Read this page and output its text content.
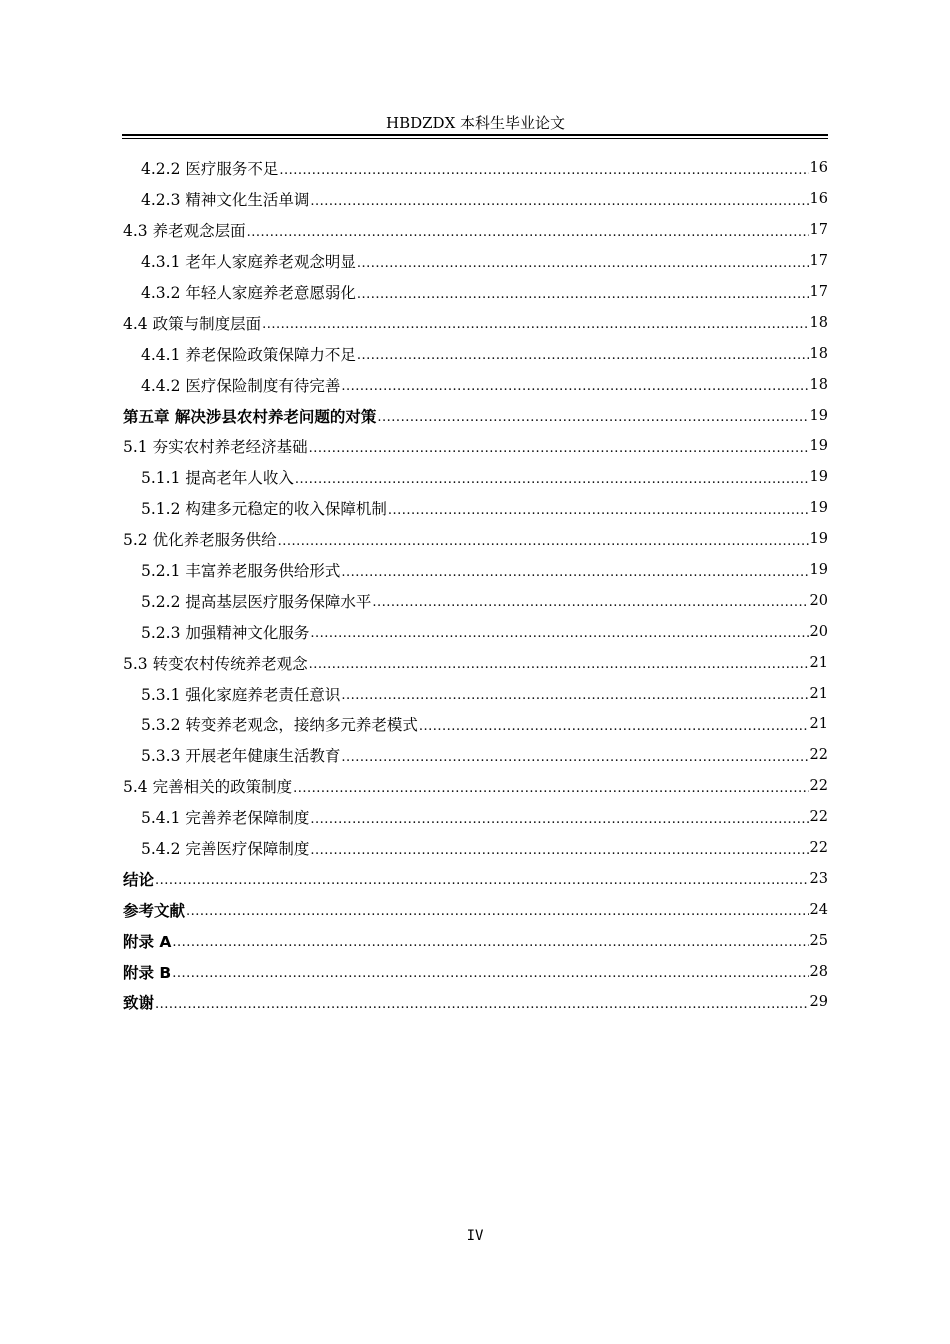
HBDZDX 本科生毕业论文
4.2.2 医疗服务不足 .....	16
4.2.3 精神文化生活单调 .....	16
4.3 养老观念层面 .....	17
4.3.1 老年人家庭养老观念明显 .....	17
4.3.2 年轻人家庭养老意愿弱化 .....	17
4.4 政策与制度层面 .....	18
4.4.1 养老保险政策保障力不足 .....	18
4.4.2 医疗保险制度有待完善 .....	18
第五章 解决涉县农村养老问题的对策 .....	19
5.1 夯实农村养老经济基础 .....	19
5.1.1 提高老年人收入 .....	19
5.1.2 构建多元稳定的收入保障机制 .....	19
5.2 优化养老服务供给 .....	19
5.2.1 丰富养老服务供给形式 .....	19
5.2.2 提高基层医疗服务保障水平 .....	20
5.2.3 加强精神文化服务 .....	20
5.3 转变农村传统养老观念 .....	21
5.3.1 强化家庭养老责任意识 .....	21
5.3.2 转变养老观念，接纳多元养老模式 .....	21
5.3.3 开展老年健康生活教育 .....	22
5.4 完善相关的政策制度 .....	22
5.4.1 完善养老保障制度 .....	22
5.4.2 完善医疗保障制度 .....	22
结论 .....	23
参考文献 .....	24
附录 A .....	25
附录 B .....	28
致谢 .....	29
IV
